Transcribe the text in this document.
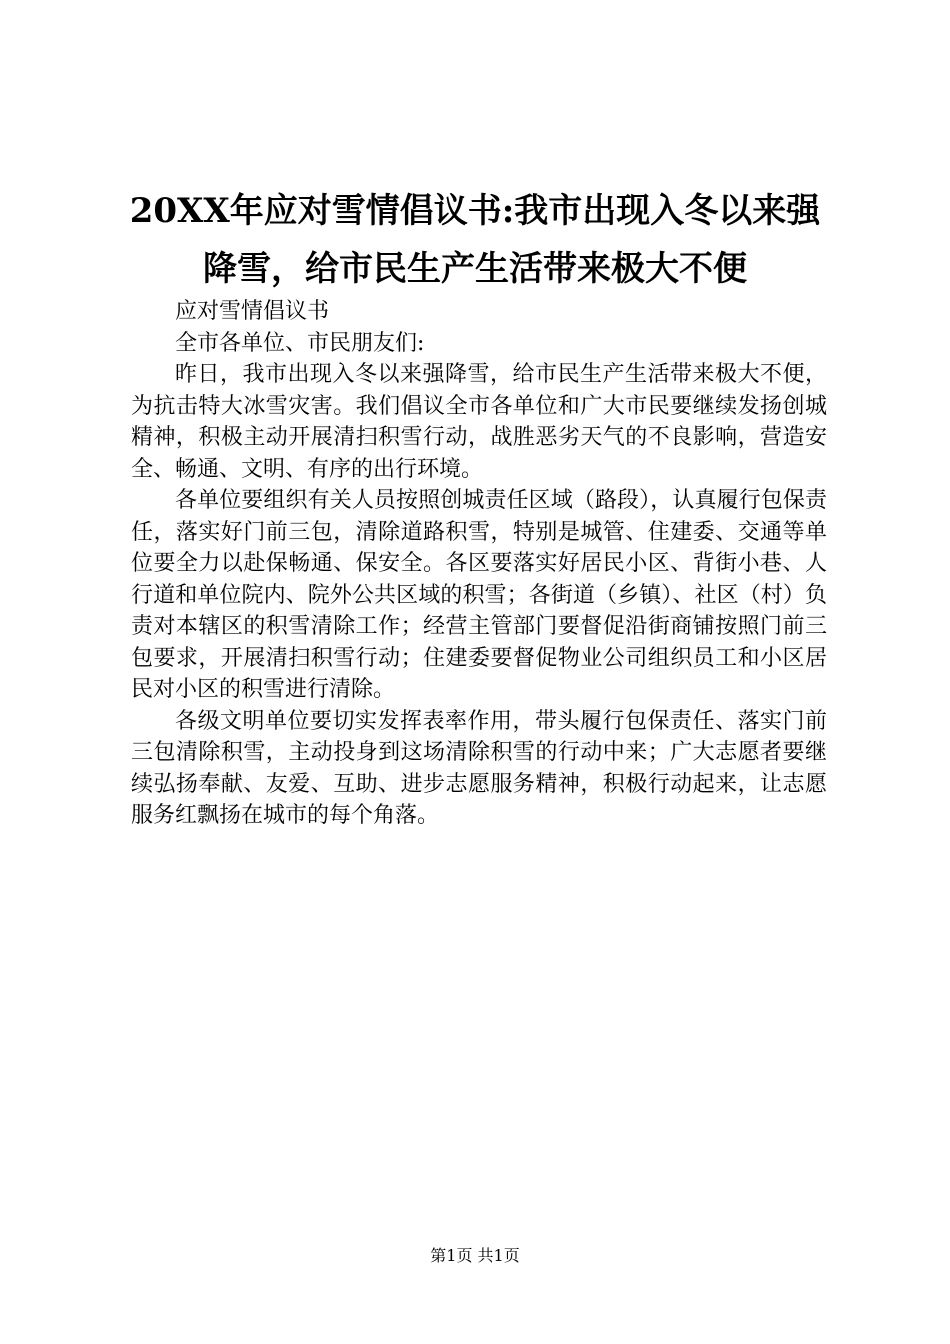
20XX年应对雪情倡议书:我市出现入冬以来强
降雪，给市民生产生活带来极大不便

应对雪情倡议书

全市各单位、市民朋友们:

昨日，我市出现入冬以来强降雪，给市民生产生活带来极大不便，为抗击特大冰雪灾害。我们倡议全市各单位和广大市民要继续发扬创城精神，积极主动开展清扫积雪行动，战胜恶劣天气的不良影响，营造安全、畅通、文明、有序的出行环境。

各单位要组织有关人员按照创城责任区域（路段），认真履行包保责任，落实好门前三包，清除道路积雪，特别是城管、住建委、交通等单位要全力以赴保畅通、保安全。各区要落实好居民小区、背街小巷、人行道和单位院内、院外公共区域的积雪；各街道（乡镇）、社区（村）负责对本辖区的积雪清除工作；经营主管部门要督促沿街商铺按照门前三包要求，开展清扫积雪行动；住建委要督促物业公司组织员工和小区居民对小区的积雪进行清除。

各级文明单位要切实发挥表率作用，带头履行包保责任、落实门前三包清除积雪，主动投身到这场清除积雪的行动中来；广大志愿者要继续弘扬奉献、友爱、互助、进步志愿服务精神，积极行动起来，让志愿服务红飘扬在城市的每个角落。

第1页 共1页
